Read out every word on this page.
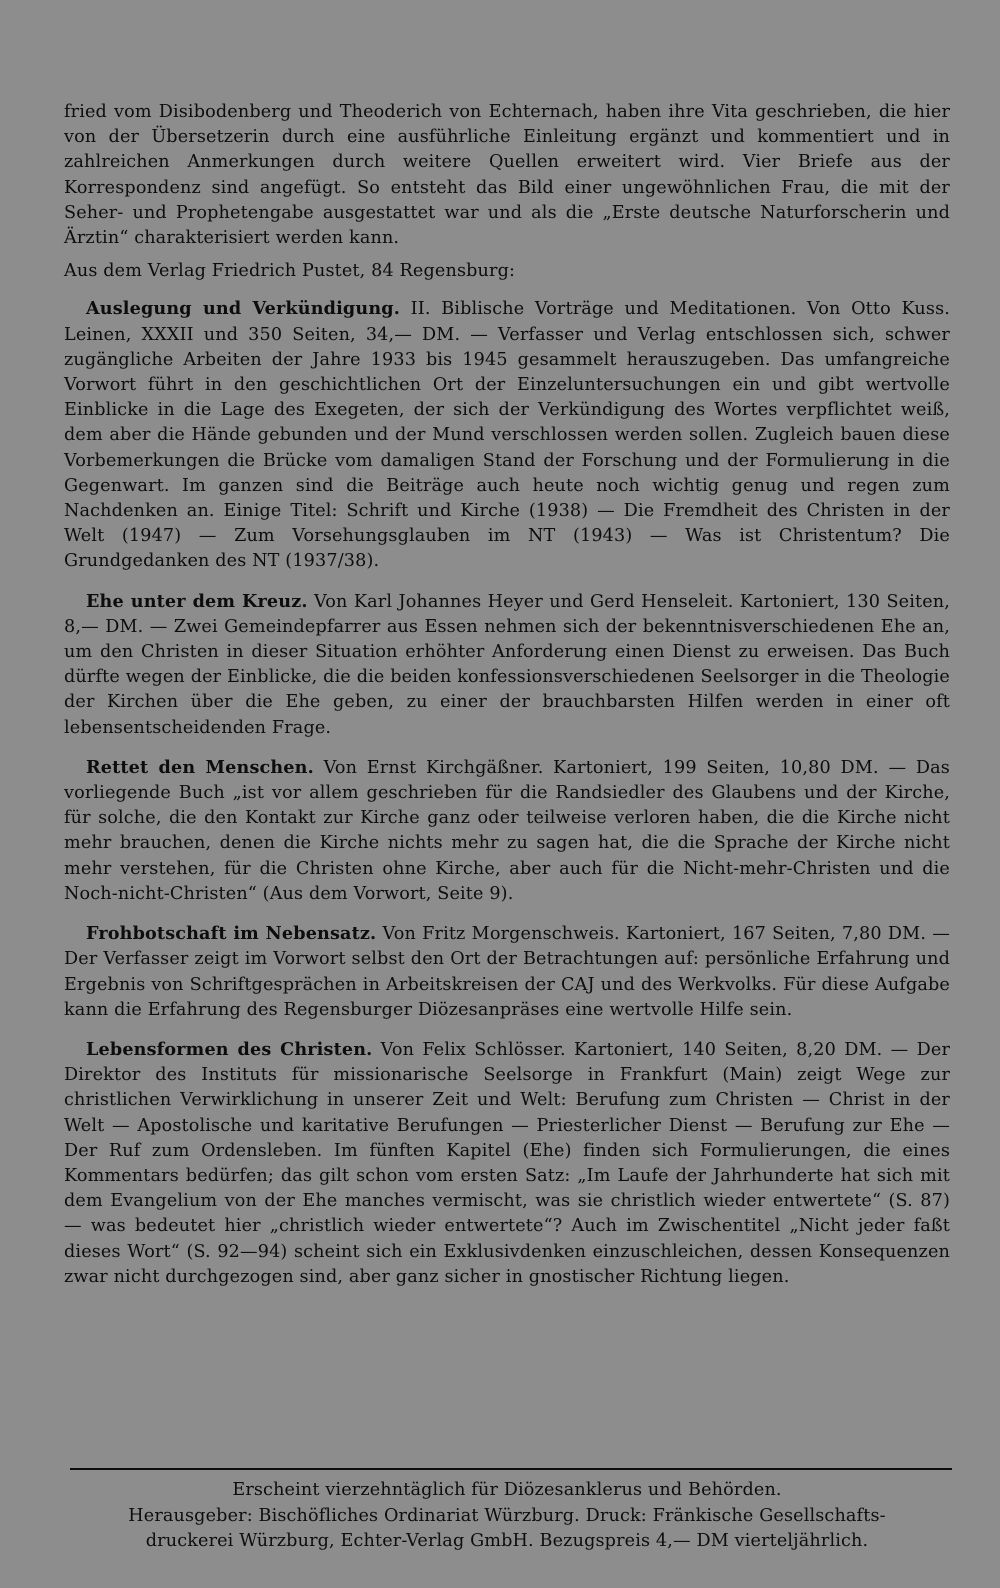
fried vom Disibodenberg und Theoderich von Echternach, haben ihre Vita geschrieben, die hier von der Übersetzerin durch eine ausführliche Einleitung ergänzt und kommentiert und in zahlreichen Anmerkungen durch weitere Quellen erweitert wird. Vier Briefe aus der Korrespondenz sind angefügt. So entsteht das Bild einer ungewöhnlichen Frau, die mit der Seher- und Prophetengabe ausgestattet war und als die „Erste deutsche Naturforscherin und Ärztin“ charakterisiert werden kann.

Aus dem Verlag Friedrich Pustet, 84 Regensburg:

Auslegung und Verkündigung. II. Biblische Vorträge und Meditationen. Von Otto Kuss. Leinen, XXXII und 350 Seiten, 34,— DM. — Verfasser und Verlag entschlossen sich, schwer zugängliche Arbeiten der Jahre 1933 bis 1945 gesammelt herauszugeben. Das umfangreiche Vorwort führt in den geschichtlichen Ort der Einzeluntersuchungen ein und gibt wertvolle Einblicke in die Lage des Exegeten, der sich der Verkündigung des Wortes verpflichtet weiß, dem aber die Hände gebunden und der Mund verschlossen werden sollen. Zugleich bauen diese Vorbemerkungen die Brücke vom damaligen Stand der Forschung und der Formulierung in die Gegenwart. Im ganzen sind die Beiträge auch heute noch wichtig genug und regen zum Nachdenken an. Einige Titel: Schrift und Kirche (1938) — Die Fremdheit des Christen in der Welt (1947) — Zum Vorsehungsglauben im NT (1943) — Was ist Christentum? Die Grundgedanken des NT (1937/38).

Ehe unter dem Kreuz. Von Karl Johannes Heyer und Gerd Henseleit. Kartoniert, 130 Seiten, 8,— DM. — Zwei Gemeindepfarrer aus Essen nehmen sich der bekenntnisverschiedenen Ehe an, um den Christen in dieser Situation erhöhter Anforderung einen Dienst zu erweisen. Das Buch dürfte wegen der Einblicke, die die beiden konfessionsverschiedenen Seelsorger in die Theologie der Kirchen über die Ehe geben, zu einer der brauchbarsten Hilfen werden in einer oft lebensentscheidenden Frage.

Rettet den Menschen. Von Ernst Kirchgäßner. Kartoniert, 199 Seiten, 10,80 DM. — Das vorliegende Buch „ist vor allem geschrieben für die Randsiedler des Glaubens und der Kirche, für solche, die den Kontakt zur Kirche ganz oder teilweise verloren haben, die die Kirche nicht mehr brauchen, denen die Kirche nichts mehr zu sagen hat, die die Sprache der Kirche nicht mehr verstehen, für die Christen ohne Kirche, aber auch für die Nicht-mehr-Christen und die Noch-nicht-Christen“ (Aus dem Vorwort, Seite 9).

Frohbotschaft im Nebensatz. Von Fritz Morgenschweis. Kartoniert, 167 Seiten, 7,80 DM. — Der Verfasser zeigt im Vorwort selbst den Ort der Betrachtungen auf: persönliche Erfahrung und Ergebnis von Schriftgesprächen in Arbeitskreisen der CAJ und des Werkvolks. Für diese Aufgabe kann die Erfahrung des Regensburger Diözesanpräses eine wertvolle Hilfe sein.

Lebensformen des Christen. Von Felix Schlösser. Kartoniert, 140 Seiten, 8,20 DM. — Der Direktor des Instituts für missionarische Seelsorge in Frankfurt (Main) zeigt Wege zur christlichen Verwirklichung in unserer Zeit und Welt: Berufung zum Christen — Christ in der Welt — Apostolische und karitative Berufungen — Priesterlicher Dienst — Berufung zur Ehe — Der Ruf zum Ordensleben. Im fünften Kapitel (Ehe) finden sich Formulierungen, die eines Kommentars bedürfen; das gilt schon vom ersten Satz: „Im Laufe der Jahrhunderte hat sich mit dem Evangelium von der Ehe manches vermischt, was sie christlich wieder entwertete“ (S. 87) — was bedeutet hier „christlich wieder entwertete“? Auch im Zwischentitel „Nicht jeder faßt dieses Wort“ (S. 92—94) scheint sich ein Exklusivdenken einzuschleichen, dessen Konsequenzen zwar nicht durchgezogen sind, aber ganz sicher in gnostischer Richtung liegen.

Erscheint vierzehntäglich für Diözesanklerus und Behörden.
Herausgeber: Bischöfliches Ordinariat Würzburg. Druck: Fränkische Gesellschafts-
druckerei Würzburg, Echter-Verlag GmbH. Bezugspreis 4,— DM vierteljährlich.
